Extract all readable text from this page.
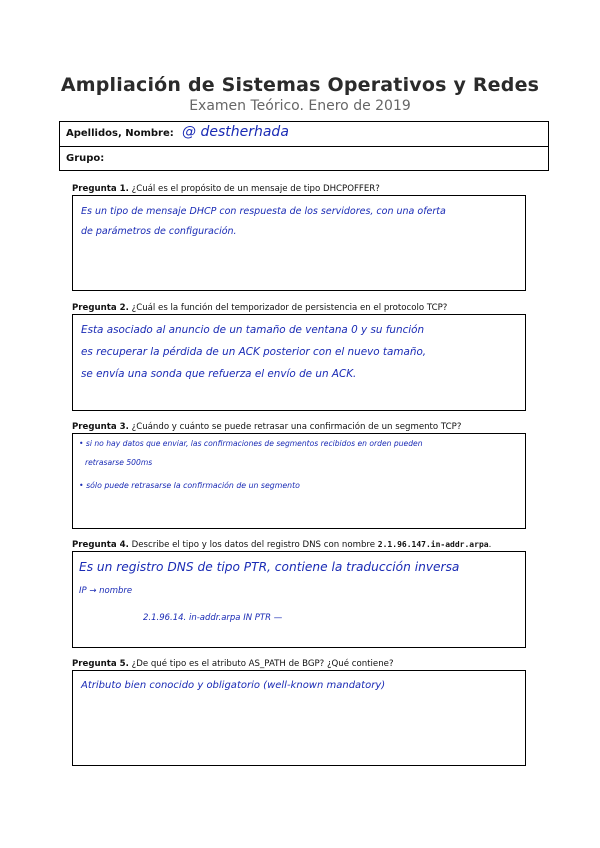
Ampliación de Sistemas Operativos y Redes
Examen Teórico. Enero de 2019
Apellidos, Nombre: @ destherhada
Grupo:
Pregunta 1. ¿Cuál es el propósito de un mensaje de tipo DHCPOFFER?
Es un tipo de mensaje DHCP con respuesta de los servidores, con una oferta
de parámetros de configuración.
Pregunta 2. ¿Cuál es la función del temporizador de persistencia en el protocolo TCP?
Esta asociado al anuncio de un tamaño de ventana 0 y su función
es recuperar la pérdida de un ACK posterior con el nuevo tamaño,
se envía una sonda que refuerza el envío de un ACK.
Pregunta 3. ¿Cuándo y cuánto se puede retrasar una confirmación de un segmento TCP?
• si no hay datos que enviar, las confirmaciones de segmentos recibidos en orden pueden
retrasarse 500ms
• sólo puede retrasarse la confirmación de un segmento
Pregunta 4. Describe el tipo y los datos del registro DNS con nombre 2.1.96.147.in-addr.arpa.
Es un registro DNS de tipo PTR, contiene la traducción inversa
IP → nombre
2.1.96.14. in-addr.arpa IN PTR —
Pregunta 5. ¿De qué tipo es el atributo AS_PATH de BGP? ¿Qué contiene?
Atributo bien conocido y obligatorio (well-known mandatory)
